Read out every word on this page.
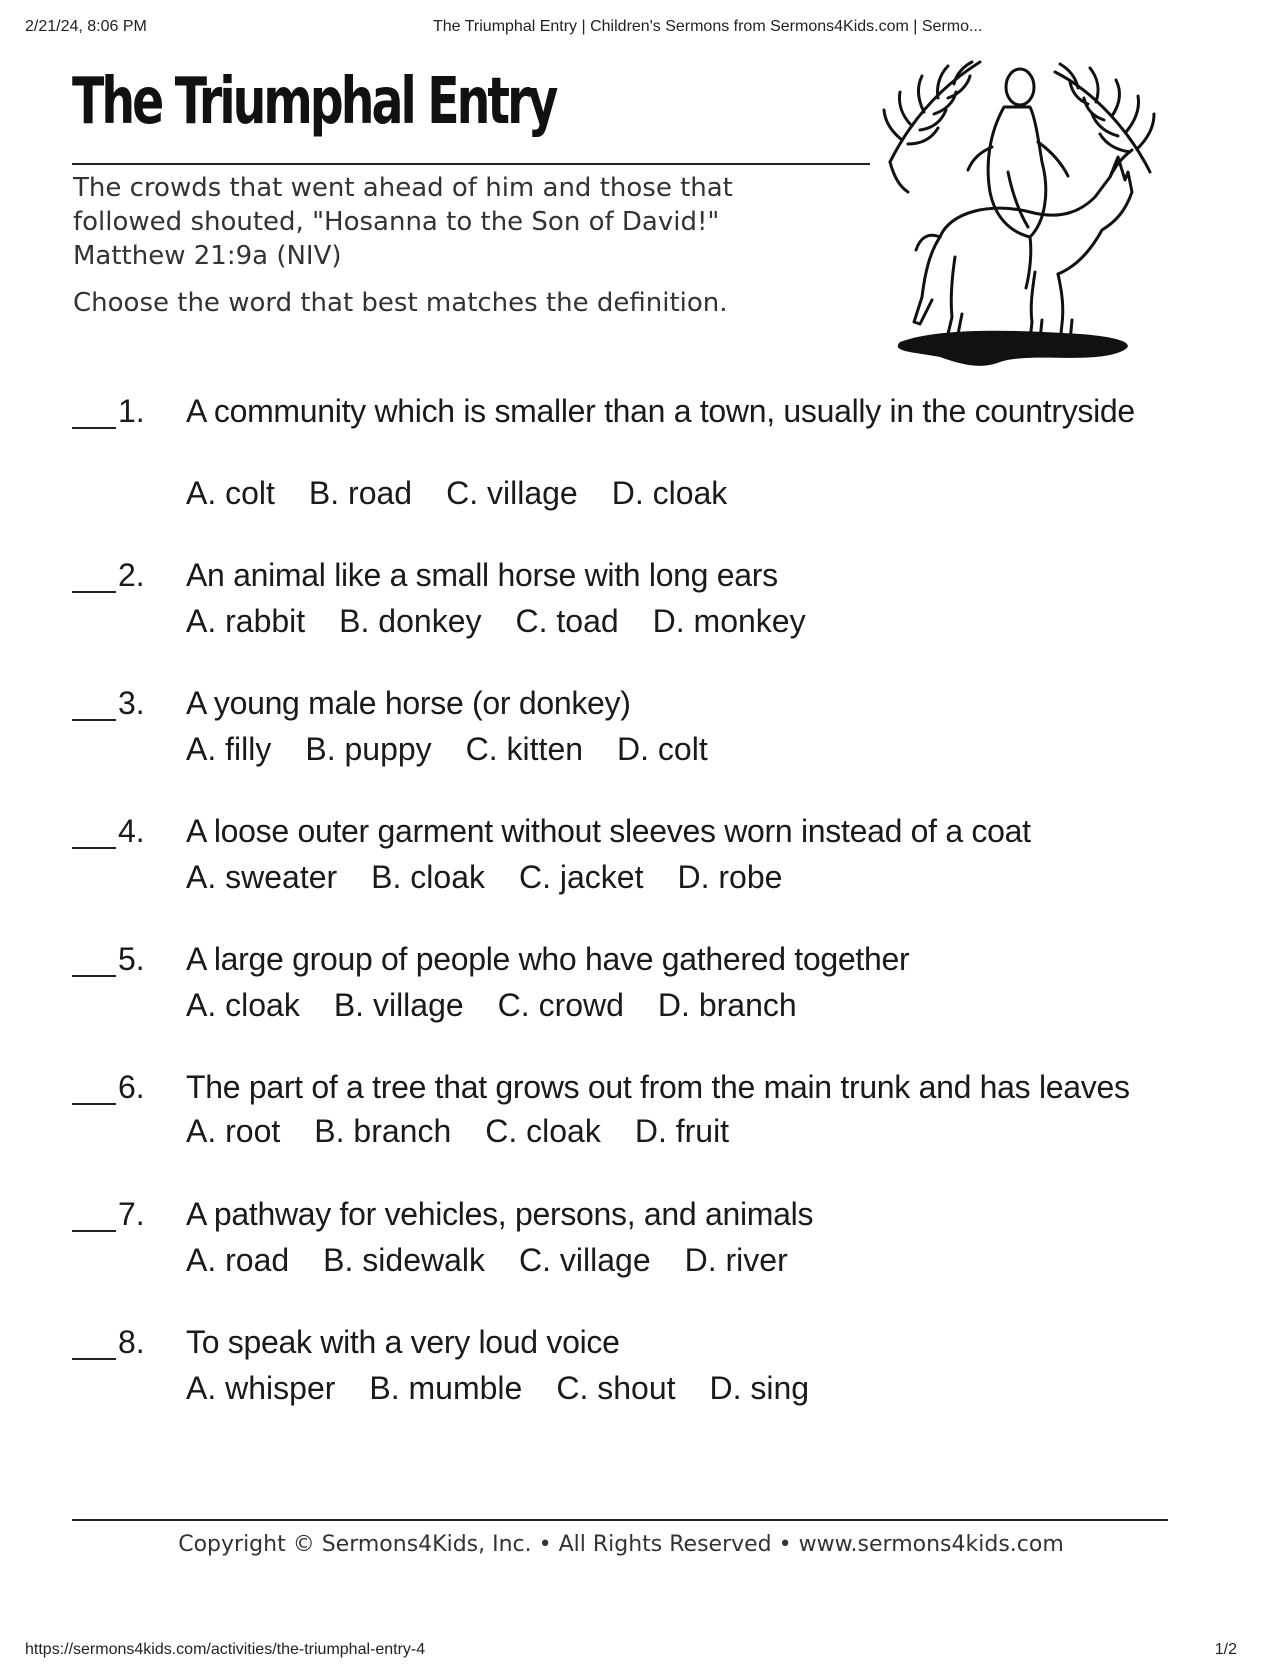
2/21/24, 8:06 PM	The Triumphal Entry | Children's Sermons from Sermons4Kids.com | Sermo...
The Triumphal Entry
The crowds that went ahead of him and those that followed shouted, "Hosanna to the Son of David!" Matthew 21:9a (NIV)
Choose the word that best matches the definition.
1. A community which is smaller than a town, usually in the countryside
A. colt B. road C. village D. cloak
2. An animal like a small horse with long ears
A. rabbit B. donkey C. toad D. monkey
3. A young male horse (or donkey)
A. filly B. puppy C. kitten D. colt
4. A loose outer garment without sleeves worn instead of a coat
A. sweater B. cloak C. jacket D. robe
5. A large group of people who have gathered together
A. cloak B. village C. crowd D. branch
6. The part of a tree that grows out from the main trunk and has leaves
A. root B. branch C. cloak D. fruit
7. A pathway for vehicles, persons, and animals
A. road B. sidewalk C. village D. river
8. To speak with a very loud voice
A. whisper B. mumble C. shout D. sing
Copyright © Sermons4Kids, Inc. • All Rights Reserved • www.sermons4kids.com
https://sermons4kids.com/activities/the-triumphal-entry-4	1/2
